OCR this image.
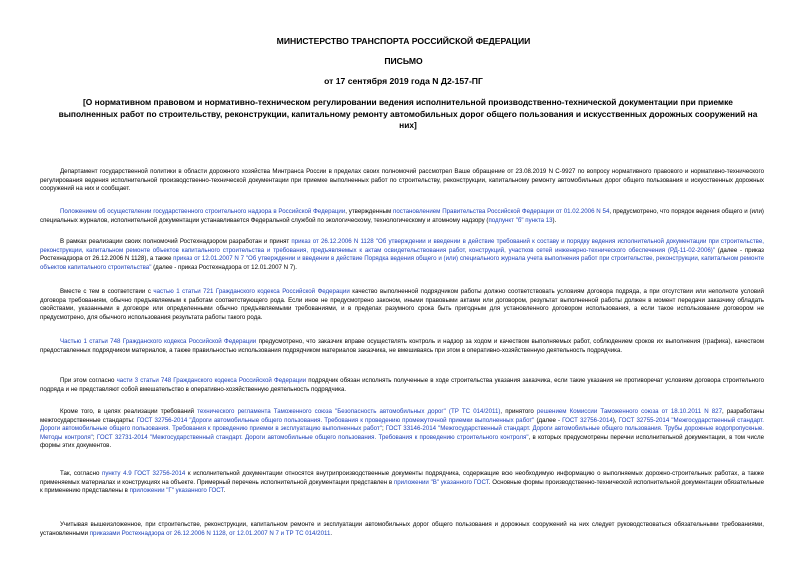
МИНИСТЕРСТВО ТРАНСПОРТА РОССИЙСКОЙ ФЕДЕРАЦИИ
ПИСЬМО
от 17 сентября 2019 года N Д2-157-ПГ
[О нормативном правовом и нормативно-техническом регулировании ведения исполнительной производственно-технической документации при приемке выполненных работ по строительству, реконструкции, капитальному ремонту автомобильных дорог общего пользования и искусственных дорожных сооружений на них]
Департамент государственной политики в области дорожного хозяйства Минтранса России в пределах своих полномочий рассмотрел Ваше обращение от 23.08.2019 N С-9927 по вопросу нормативного правового и нормативно-технического регулирования ведения исполнительной производственно-технической документации при приемке выполненных работ по строительству, реконструкции, капитальному ремонту автомобильных дорог общего пользования и искусственных дорожных сооружений на них и сообщает.
Положением об осуществлении государственного строительного надзора в Российской Федерации, утвержденным постановлением Правительства Российской Федерации от 01.02.2006 N 54, предусмотрено, что порядок ведения общего и (или) специальных журналов, исполнительной документации устанавливается Федеральной службой по экологическому, технологическому и атомному надзору (подпункт "б" пункта 13).
В рамках реализации своих полномочий Ростехнадзором разработан и принят приказ от 26.12.2006 N 1128 "Об утверждении и введении в действие требований к составу и порядку ведения исполнительной документации при строительстве, реконструкции, капитальном ремонте объектов капитального строительства и требования, предъявляемых к актам освидетельствования работ, конструкций, участков сетей инженерно-технического обеспечения (РД-11-02-2006)" (далее - приказ Ростехнадзора от 26.12.2006 N 1128), а также приказ от 12.01.2007 N 7 "Об утверждении и введении в действие Порядка ведения общего и (или) специального журнала учета выполнения работ при строительстве, реконструкции, капитальном ремонте объектов капитального строительства" (далее - приказ Ростехнадзора от 12.01.2007 N 7).
Вместе с тем в соответствии с частью 1 статьи 721 Гражданского кодекса Российской Федерации качество выполненной подрядчиком работы должно соответствовать условиям договора подряда, а при отсутствии или неполноте условий договора требованиям, обычно предъявляемым к работам соответствующего рода. Если иное не предусмотрено законом, иными правовыми актами или договором, результат выполненной работы должен в момент передачи заказчику обладать свойствами, указанными в договоре или определенными обычно предъявляемыми требованиями, и в пределах разумного срока быть пригодным для установленного договором использования, а если такое использование договором не предусмотрено, для обычного использования результата работы такого рода.
Частью 1 статьи 748 Гражданского кодекса Российской Федерации предусмотрено, что заказчик вправе осуществлять контроль и надзор за ходом и качеством выполняемых работ, соблюдением сроков их выполнения (графика), качеством предоставленных подрядчиком материалов, а также правильностью использования подрядчиком материалов заказчика, не вмешиваясь при этом в оперативно-хозяйственную деятельность подрядчика.
При этом согласно части 3 статьи 748 Гражданского кодекса Российской Федерации подрядчик обязан исполнять полученные в ходе строительства указания заказчика, если такие указания не противоречат условиям договора строительного подряда и не представляют собой вмешательство в оперативно-хозяйственную деятельность подрядчика.
Кроме того, в целях реализации требований технического регламента Таможенного союза "Безопасность автомобильных дорог" (ТР ТС 014/2011), принятого решением Комиссии Таможенного союза от 18.10.2011 N 827, разработаны межгосударственные стандарты: ГОСТ 32756-2014 "Дороги автомобильные общего пользования. Требования к проведению промежуточной приемки выполненных работ" (далее - ГОСТ 32756-2014), ГОСТ 32755-2014 "Межгосударственный стандарт. Дороги автомобильные общего пользования. Требования к проведению приемки в эксплуатацию выполненных работ"; ГОСТ 33146-2014 "Межгосударственный стандарт. Дороги автомобильные общего пользования. Трубы дорожные водопропускные. Методы контроля"; ГОСТ 32731-2014 "Межгосударственный стандарт. Дороги автомобильные общего пользования. Требования к проведению строительного контроля", в которых предусмотрены перечни исполнительной документации, в том числе формы этих документов.
Так, согласно пункту 4.9 ГОСТ 32756-2014 к исполнительной документации относятся внутрипроизводственные документы подрядчика, содержащие всю необходимую информацию о выполняемых дорожно-строительных работах, а также применяемых материалах и конструкциях на объекте. Примерный перечень исполнительной документации представлен в приложении "В" указанного ГОСТ. Основные формы производственно-технической исполнительной документации обязательные к применению представлены в приложении "Г" указанного ГОСТ.
Учитывая вышеизложенное, при строительстве, реконструкции, капитальном ремонте и эксплуатации автомобильных дорог общего пользования и дорожных сооружений на них следует руководствоваться обязательными требованиями, установленными приказами Ростехнадзора от 26.12.2006 N 1128, от 12.01.2007 N 7 и ТР ТС 014/2011.
